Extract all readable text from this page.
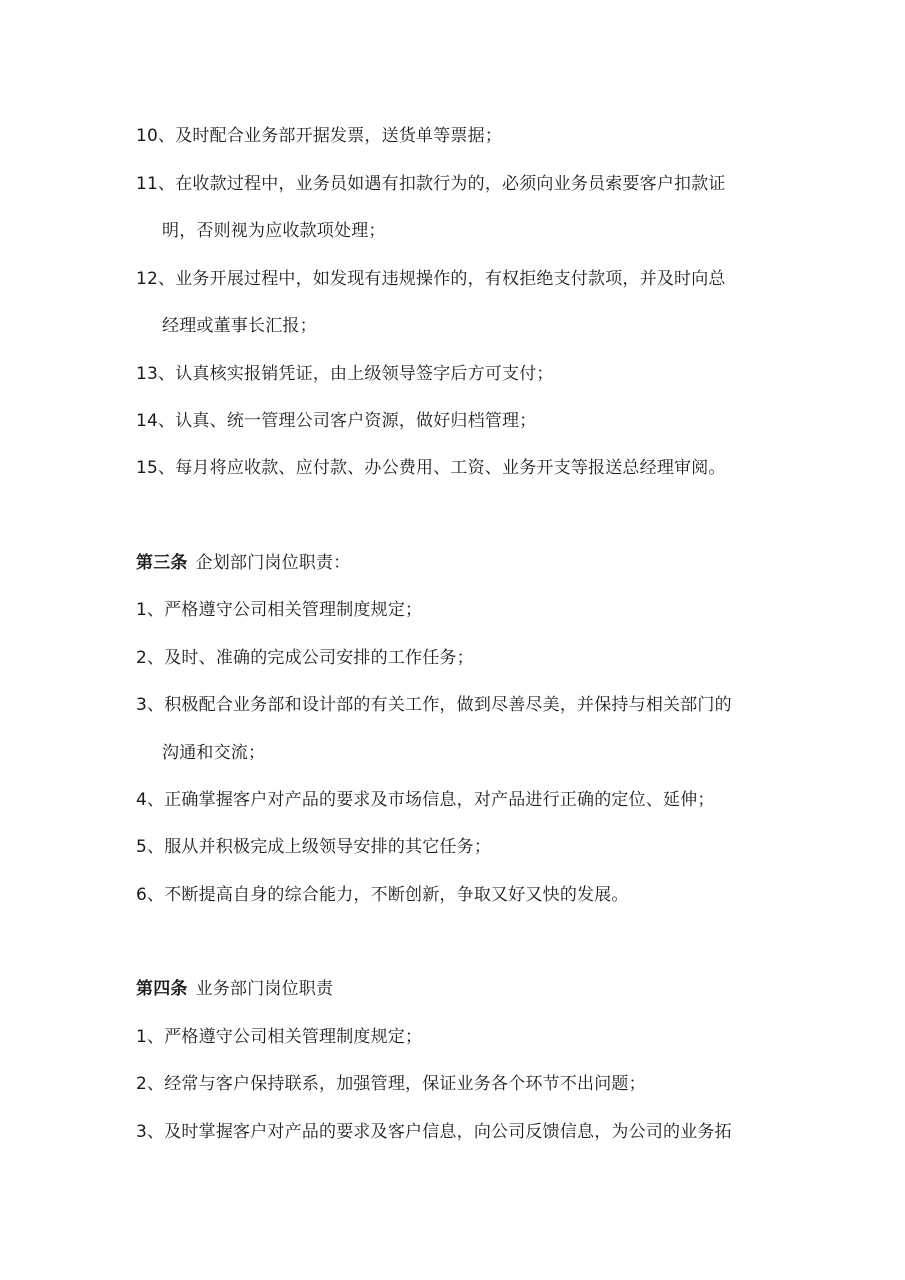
10、及时配合业务部开据发票，送货单等票据；
11、在收款过程中，业务员如遇有扣款行为的，必须向业务员索要客户扣款证
明，否则视为应收款项处理；
12、业务开展过程中，如发现有违规操作的，有权拒绝支付款项，并及时向总
经理或董事长汇报；
13、认真核实报销凭证，由上级领导签字后方可支付；
14、认真、统一管理公司客户资源，做好归档管理；
15、每月将应收款、应付款、办公费用、工资、业务开支等报送总经理审阅。
第三条 企划部门岗位职责：
1、严格遵守公司相关管理制度规定；
2、及时、准确的完成公司安排的工作任务；
3、积极配合业务部和设计部的有关工作，做到尽善尽美，并保持与相关部门的
沟通和交流；
4、正确掌握客户对产品的要求及市场信息，对产品进行正确的定位、延伸；
5、服从并积极完成上级领导安排的其它任务；
6、不断提高自身的综合能力，不断创新，争取又好又快的发展。
第四条 业务部门岗位职责
1、严格遵守公司相关管理制度规定；
2、经常与客户保持联系，加强管理，保证业务各个环节不出问题；
3、及时掌握客户对产品的要求及客户信息，向公司反馈信息，为公司的业务拓
